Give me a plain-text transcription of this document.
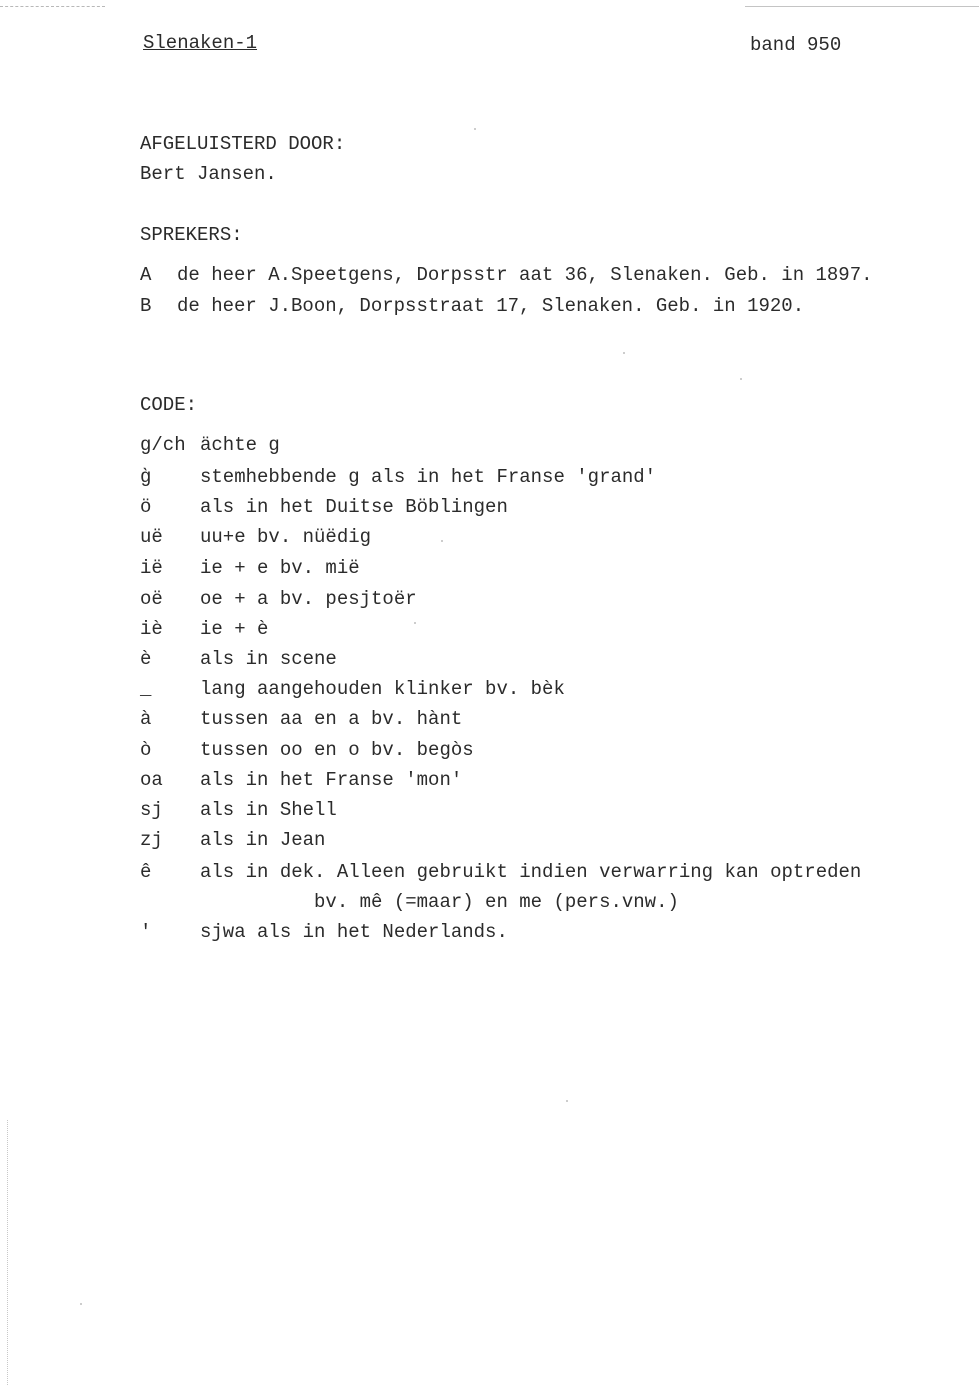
Slenaken-1	band 950
AFGELUISTERD DOOR:
Bert Jansen.
SPREKERS:
A de heer A.Speetgens, Dorpsstr aat 36, Slenaken. Geb. in 1897.
B de heer J.Boon, Dorpsstraat 17, Slenaken. Geb. in 1920.
CODE:
g/ch ächte g
g̀	stemhebbende g als in het Franse 'grand'
ö	als in het Duitse Böblingen
uë uu+e bv. nüëdig
ië ie + e bv. mië
oë oe + a bv. pesjtoër
iè ie + è
è	als in scene
_	lang aangehouden klinker bv. bèk
à	tussen aa en a bv. hànt
ò	tussen oo en o bv. begòs
oa als in het Franse 'mon'
sj als in Shell
zj als in Jean
ê	als in dek. Alleen gebruikt indien verwarring kan optreden
bv. mê (=maar) en me (pers.vnw.)
'	sjwa als in het Nederlands.
